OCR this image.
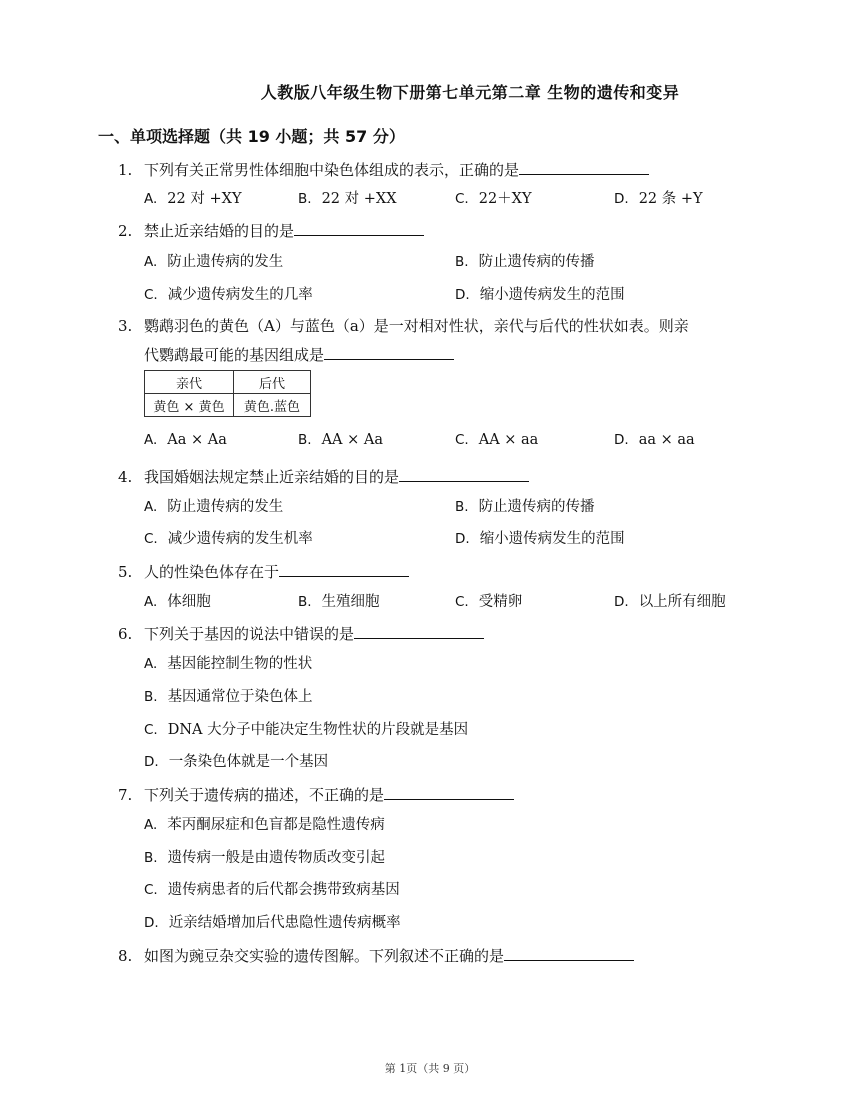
人教版八年级生物下册第七单元第二章 生物的遗传和变异
一、单项选择题（共 19 小题；共 57 分）
1. 下列有关正常男性体细胞中染色体组成的表示，正确的是
A. 22 对 +XY	B. 22 对 +XX	C. 22＋XY	D. 22 条 +Y
2. 禁止近亲结婚的目的是
A. 防止遗传病的发生	B. 防止遗传病的传播
C. 减少遗传病发生的几率	D. 缩小遗传病发生的范围
3. 鹦鹉羽色的黄色（A）与蓝色（a）是一对相对性状，亲代与后代的性状如表。则亲
代鹦鹉最可能的基因组成是
亲代	后代
黄色 × 黄色	黄色.蓝色
A. Aa × Aa	B. AA × Aa	C. AA × aa	D. aa × aa
4. 我国婚姻法规定禁止近亲结婚的目的是
A. 防止遗传病的发生	B. 防止遗传病的传播
C. 减少遗传病的发生机率	D. 缩小遗传病发生的范围
5. 人的性染色体存在于
A. 体细胞	B. 生殖细胞	C. 受精卵	D. 以上所有细胞
6. 下列关于基因的说法中错误的是
A. 基因能控制生物的性状
B. 基因通常位于染色体上
C. DNA 大分子中能决定生物性状的片段就是基因
D. 一条染色体就是一个基因
7. 下列关于遗传病的描述，不正确的是
A. 苯丙酮尿症和色盲都是隐性遗传病
B. 遗传病一般是由遗传物质改变引起
C. 遗传病患者的后代都会携带致病基因
D. 近亲结婚增加后代患隐性遗传病概率
8. 如图为豌豆杂交实验的遗传图解。下列叙述不正确的是
第 1页（共 9 页）
